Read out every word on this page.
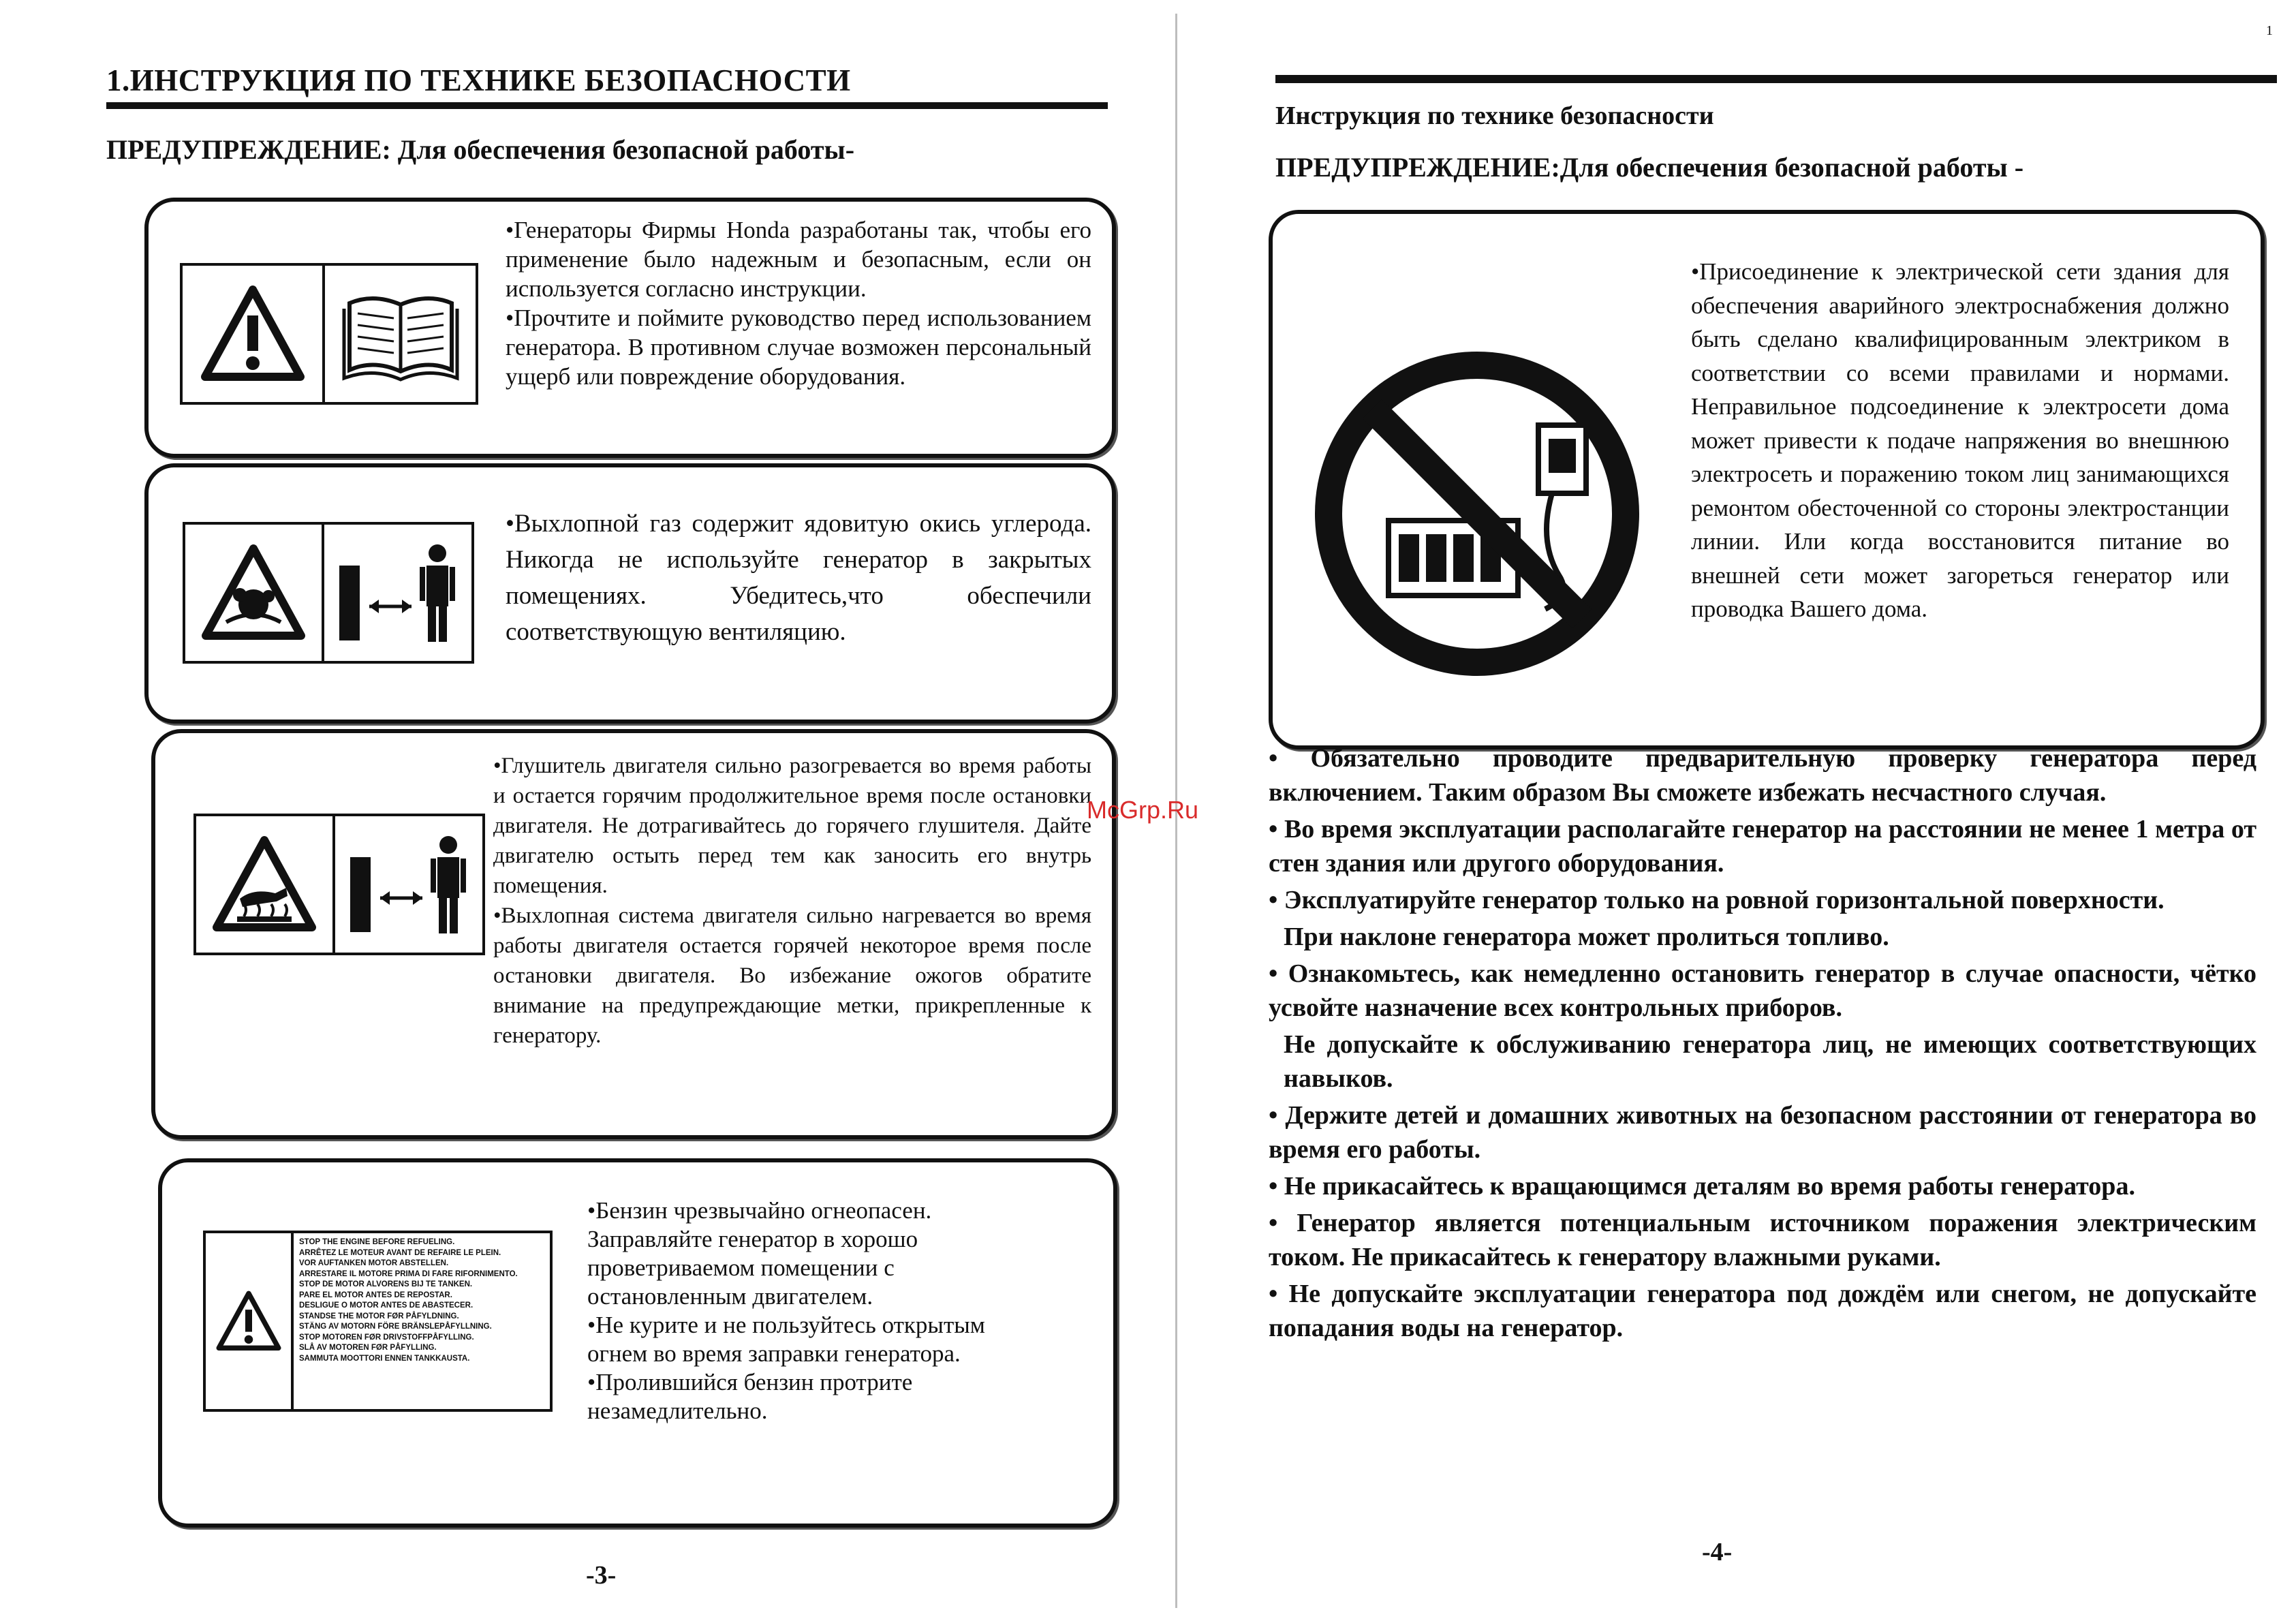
1.ИНСТРУКЦИЯ ПО ТЕХНИКЕ БЕЗОПАСНОСТИ
ПРЕДУПРЕЖДЕНИЕ: Для обеспечения безопасной работы-

•Генераторы Фирмы Honda разработаны так, чтобы его применение было надежным и безопасным, если он используется согласно инструкции.

•Прочтите и поймите руководство перед использованием генератора. В противном случае возможен персональный ущерб или повреждение оборудования.

•Выхлопной газ содержит ядовитую окись углерода. Никогда не используйте генератор в закрытых помещениях. Убедитесь,что обеспечили соответствующую вентиляцию.

•Глушитель двигателя сильно разогревается во время работы и остается горячим продолжительное время после остановки двигателя. Не дотрагивайтесь до горячего глушителя. Дайте двигателю остыть перед тем как заносить его внутрь помещения.

•Выхлопная система двигателя сильно нагревается во время работы двигателя остается горячей некоторое время после остановки двигателя. Во избежание ожогов обратите внимание на предупреждающие метки, прикрепленные к генератору.

STOP THE ENGINE BEFORE REFUELING.
ARRÊTEZ LE MOTEUR AVANT DE REFAIRE LE PLEIN.
VOR AUFTANKEN MOTOR ABSTELLEN.
ARRESTARE IL MOTORE PRIMA DI FARE RIFORNIMENTO.
STOP DE MOTOR ALVORENS BIJ TE TANKEN.
PARE EL MOTOR ANTES DE REPOSTAR.
DESLIGUE O MOTOR ANTES DE ABASTECER.
STANDSE THE MOTOR FØR PÅFYLDNING.
STÄNG AV MOTORN FÖRE BRÄNSLEPÅFYLLNING.
STOP MOTOREN FØR DRIVSTOFFPÅFYLLING.
SLÅ AV MOTOREN FØR PÅFYLLING.
SAMMUTA MOOTTORI ENNEN TANKKAUSTA.

•Бензин чрезвычайно огнеопасен. Заправляйте генератор в хорошо проветриваемом помещении с остановленным двигателем.

•Не курите и не пользуйтесь открытым огнем во время заправки генератора.

•Пролившийся бензин протрите незамедлительно.

-3-
McGrp.Ru
1
Инструкция по технике безопасности
ПРЕДУПРЕЖДЕНИЕ:Для обеспечения безопасной работы -

•Присоединение к электрической сети здания для обеспечения аварийного электроснабжения должно быть сделано квалифицированным электриком в соответствии со всеми правилами и нормами. Неправильное подсоединение к электросети дома может привести к подаче напряжения во внешнюю электросеть и поражению током лиц занимающихся ремонтом обесточенной со стороны электростанции линии. Или когда восстановится питание во внешней сети может загореться генератор или проводка Вашего дома.

• Обязательно проводите предварительную проверку генератора перед включением. Таким образом Вы сможете избежать несчастного случая.

• Во время эксплуатации располагайте генератор на расстоянии не менее 1 метра от стен здания или другого оборудования.

• Эксплуатируйте генератор только на ровной горизонтальной поверхности.

При наклоне генератора может пролиться топливо.

• Ознакомьтесь, как немедленно остановить генератор в случае опасности, чётко усвойте назначение всех контрольных приборов.

Не допускайте к обслуживанию генератора лиц, не имеющих соответствующих навыков.

• Держите детей и домашних животных на безопасном расстоянии от генератора во время его работы.

• Не прикасайтесь к вращающимся деталям во время работы генератора.

• Генератор является потенциальным источником поражения электрическим током. Не прикасайтесь к генератору влажными руками.

• Не допускайте эксплуатации генератора под дождём или снегом, не допускайте попадания воды на генератор.

-4-
